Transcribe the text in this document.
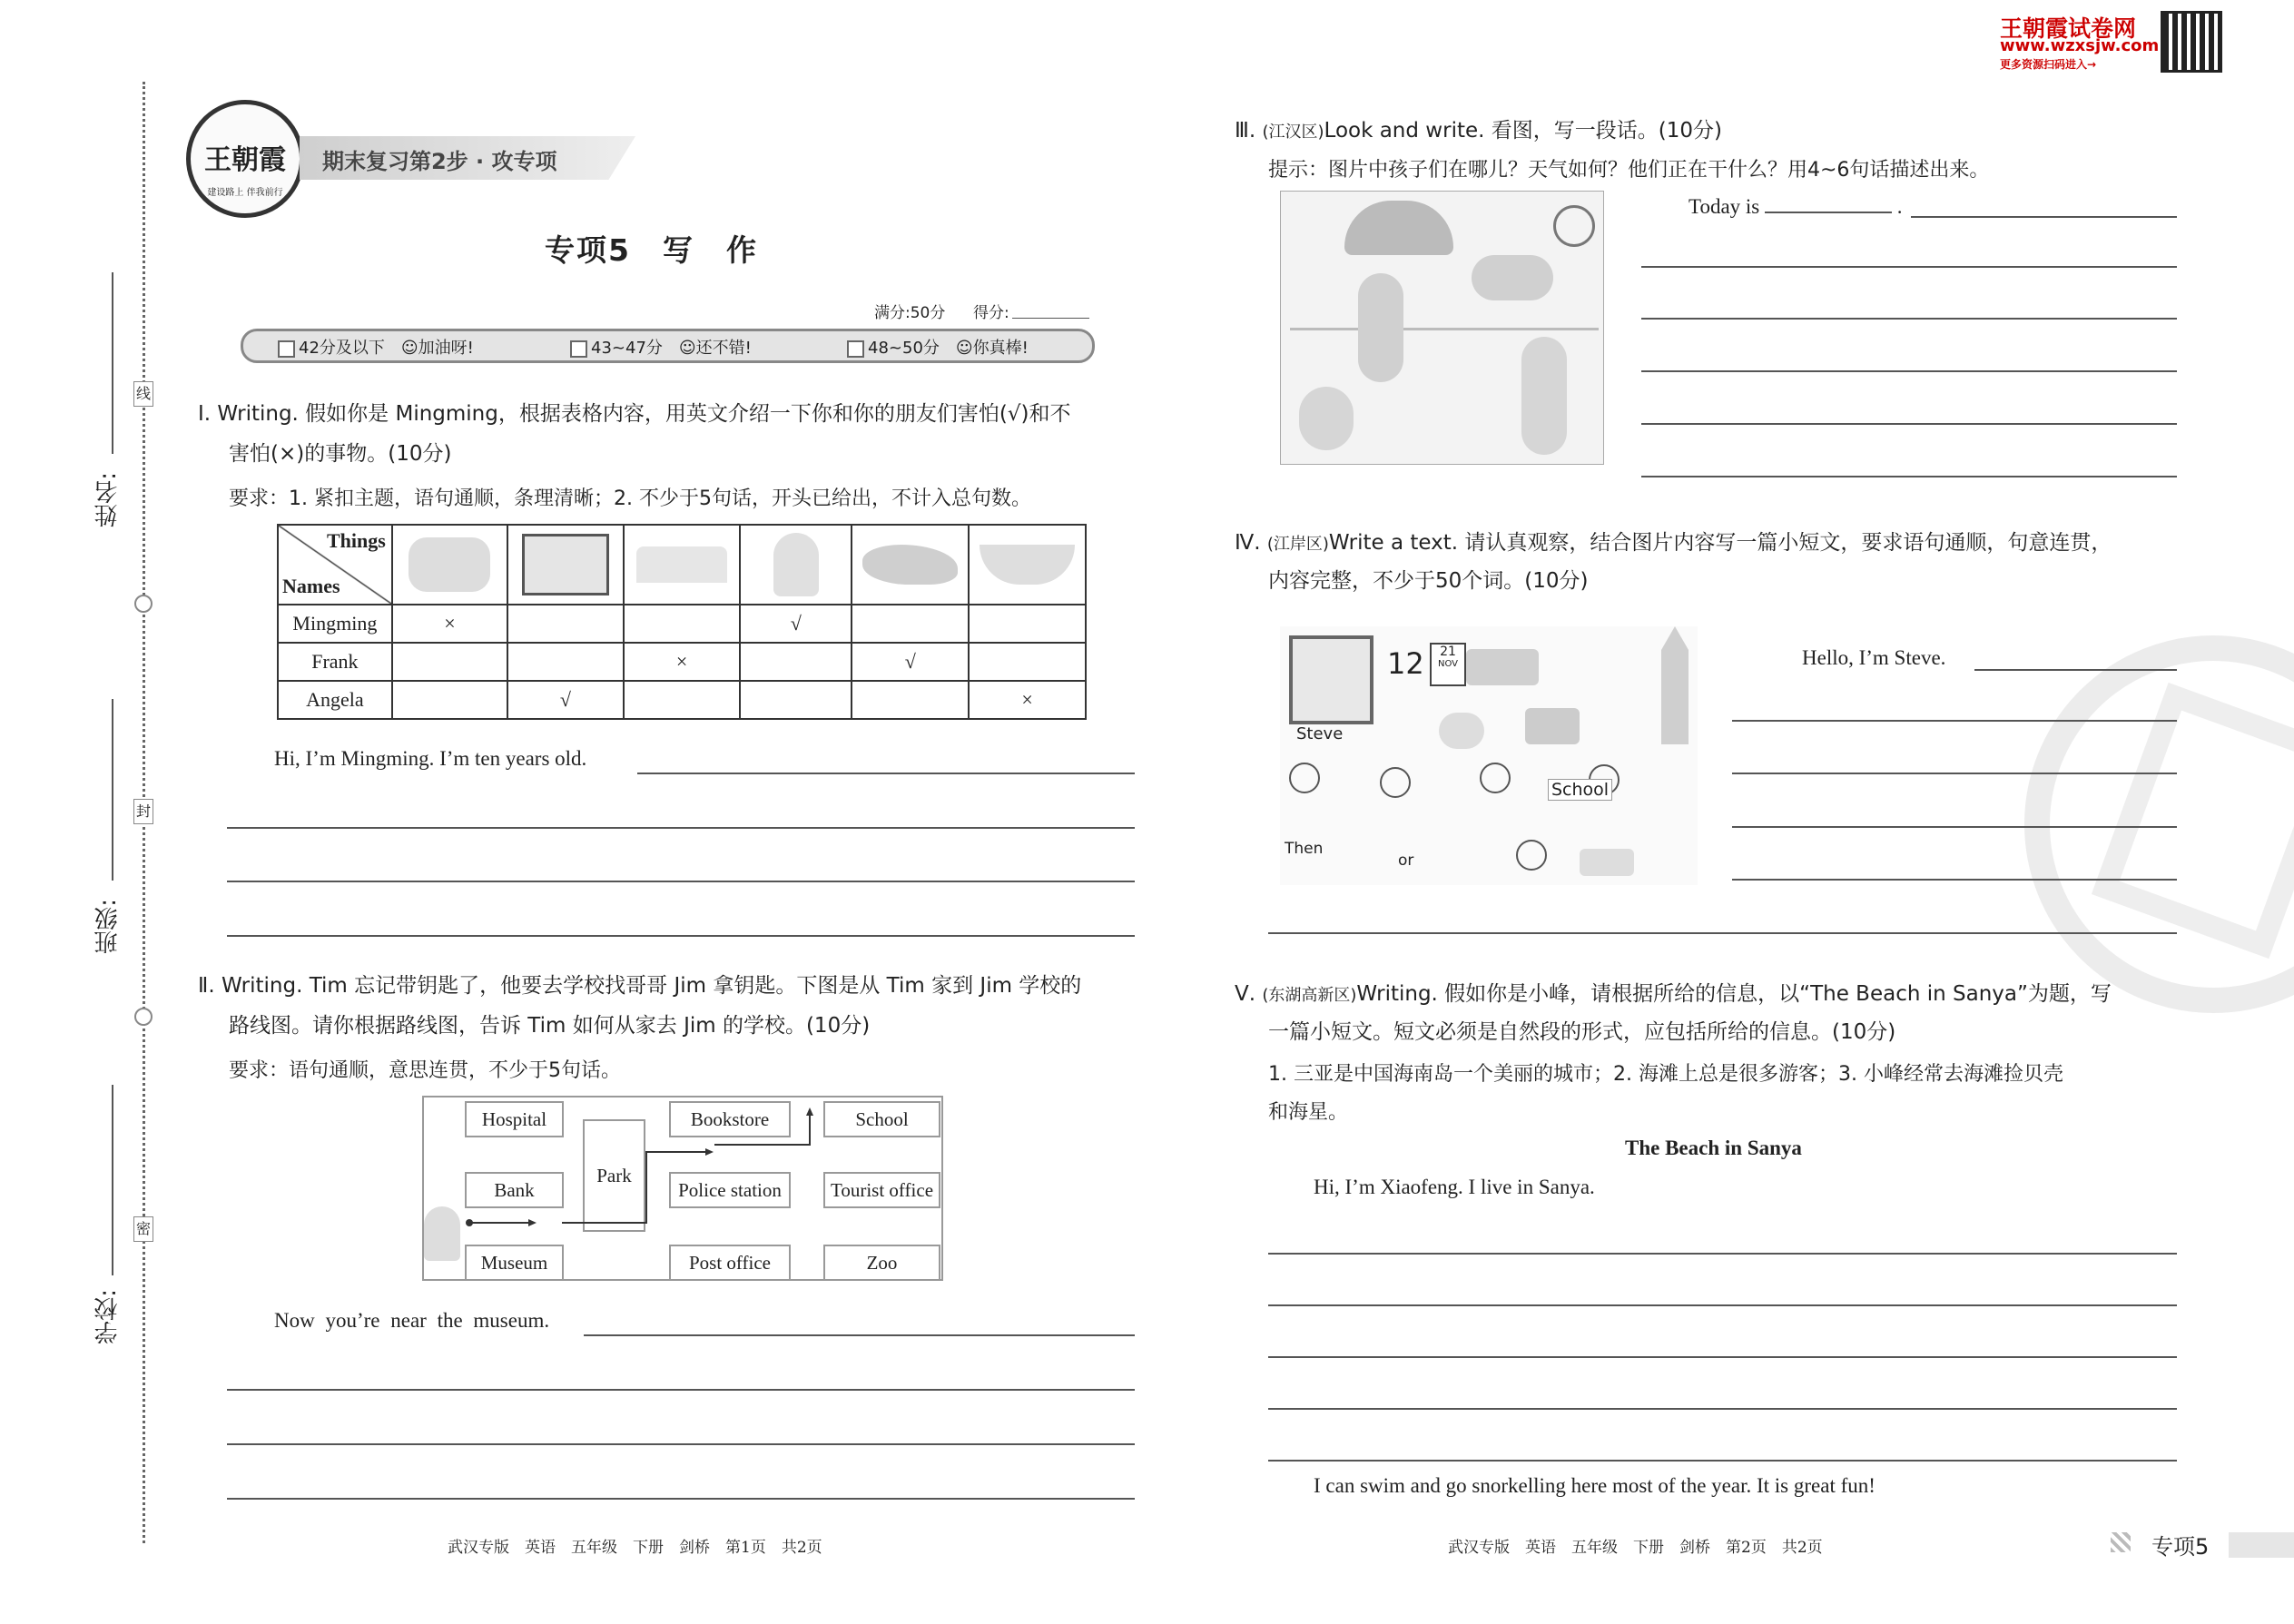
姓名:
班级:
学校:
线
封
密
王朝霞
建设路上 伴我前行
期末复习第2步 · 攻专项
专项5　写　作
满分:50分 得分:
42分及以下　☺加油呀!	43~47分　☺还不错!	48~50分　☺你真棒!
Ⅰ. Writing. 假如你是 Mingming，根据表格内容，用英文介绍一下你和你的朋友们害怕(√)和不
害怕(×)的事物。(10分)
要求：1. 紧扣主题，语句通顺，条理清晰；2. 不少于5句话，开头已给出，不计入总句数。
Things
Names						

Mingming	×			√		
Frank			×		√	
Angela		√				×
Hi, I’m Mingming. I’m ten years old.
Ⅱ. Writing. Tim 忘记带钥匙了，他要去学校找哥哥 Jim 拿钥匙。下图是从 Tim 家到 Jim 学校的
路线图。请你根据路线图，告诉 Tim 如何从家去 Jim 的学校。(10分)
要求：语句通顺，意思连贯，不少于5句话。
Hospital
Park
Bookstore	School
Bank	Police station	Tourist office
Museum	Post office	Zoo
Now you’re near the museum.
武汉专版　英语　五年级　下册　剑桥　第1页　共2页
王朝霞试卷网
www.wzxsjw.com
更多资源扫码进入→
Ⅲ. (江汉区)Look and write. 看图，写一段话。(10分)
提示：图片中孩子们在哪儿？天气如何？他们正在干什么？用4~6句话描述出来。
Today is	.
Ⅳ. (江岸区)Write a text. 请认真观察，结合图片内容写一篇小短文，要求语句通顺，句意连贯，
内容完整，不少于50个词。(10分)
Steve
12	21
NOV
School
Then
or
Hello, I’m Steve.
Ⅴ. (东湖高新区)Writing. 假如你是小峰，请根据所给的信息，以“The Beach in Sanya”为题，写
一篇小短文。短文必须是自然段的形式，应包括所给的信息。(10分)
1. 三亚是中国海南岛一个美丽的城市；2. 海滩上总是很多游客；3. 小峰经常去海滩捡贝壳
和海星。
The Beach in Sanya
Hi, I’m Xiaofeng. I live in Sanya.
I can swim and go snorkelling here most of the year. It is great fun!
武汉专版　英语　五年级　下册　剑桥　第2页　共2页	专项5
